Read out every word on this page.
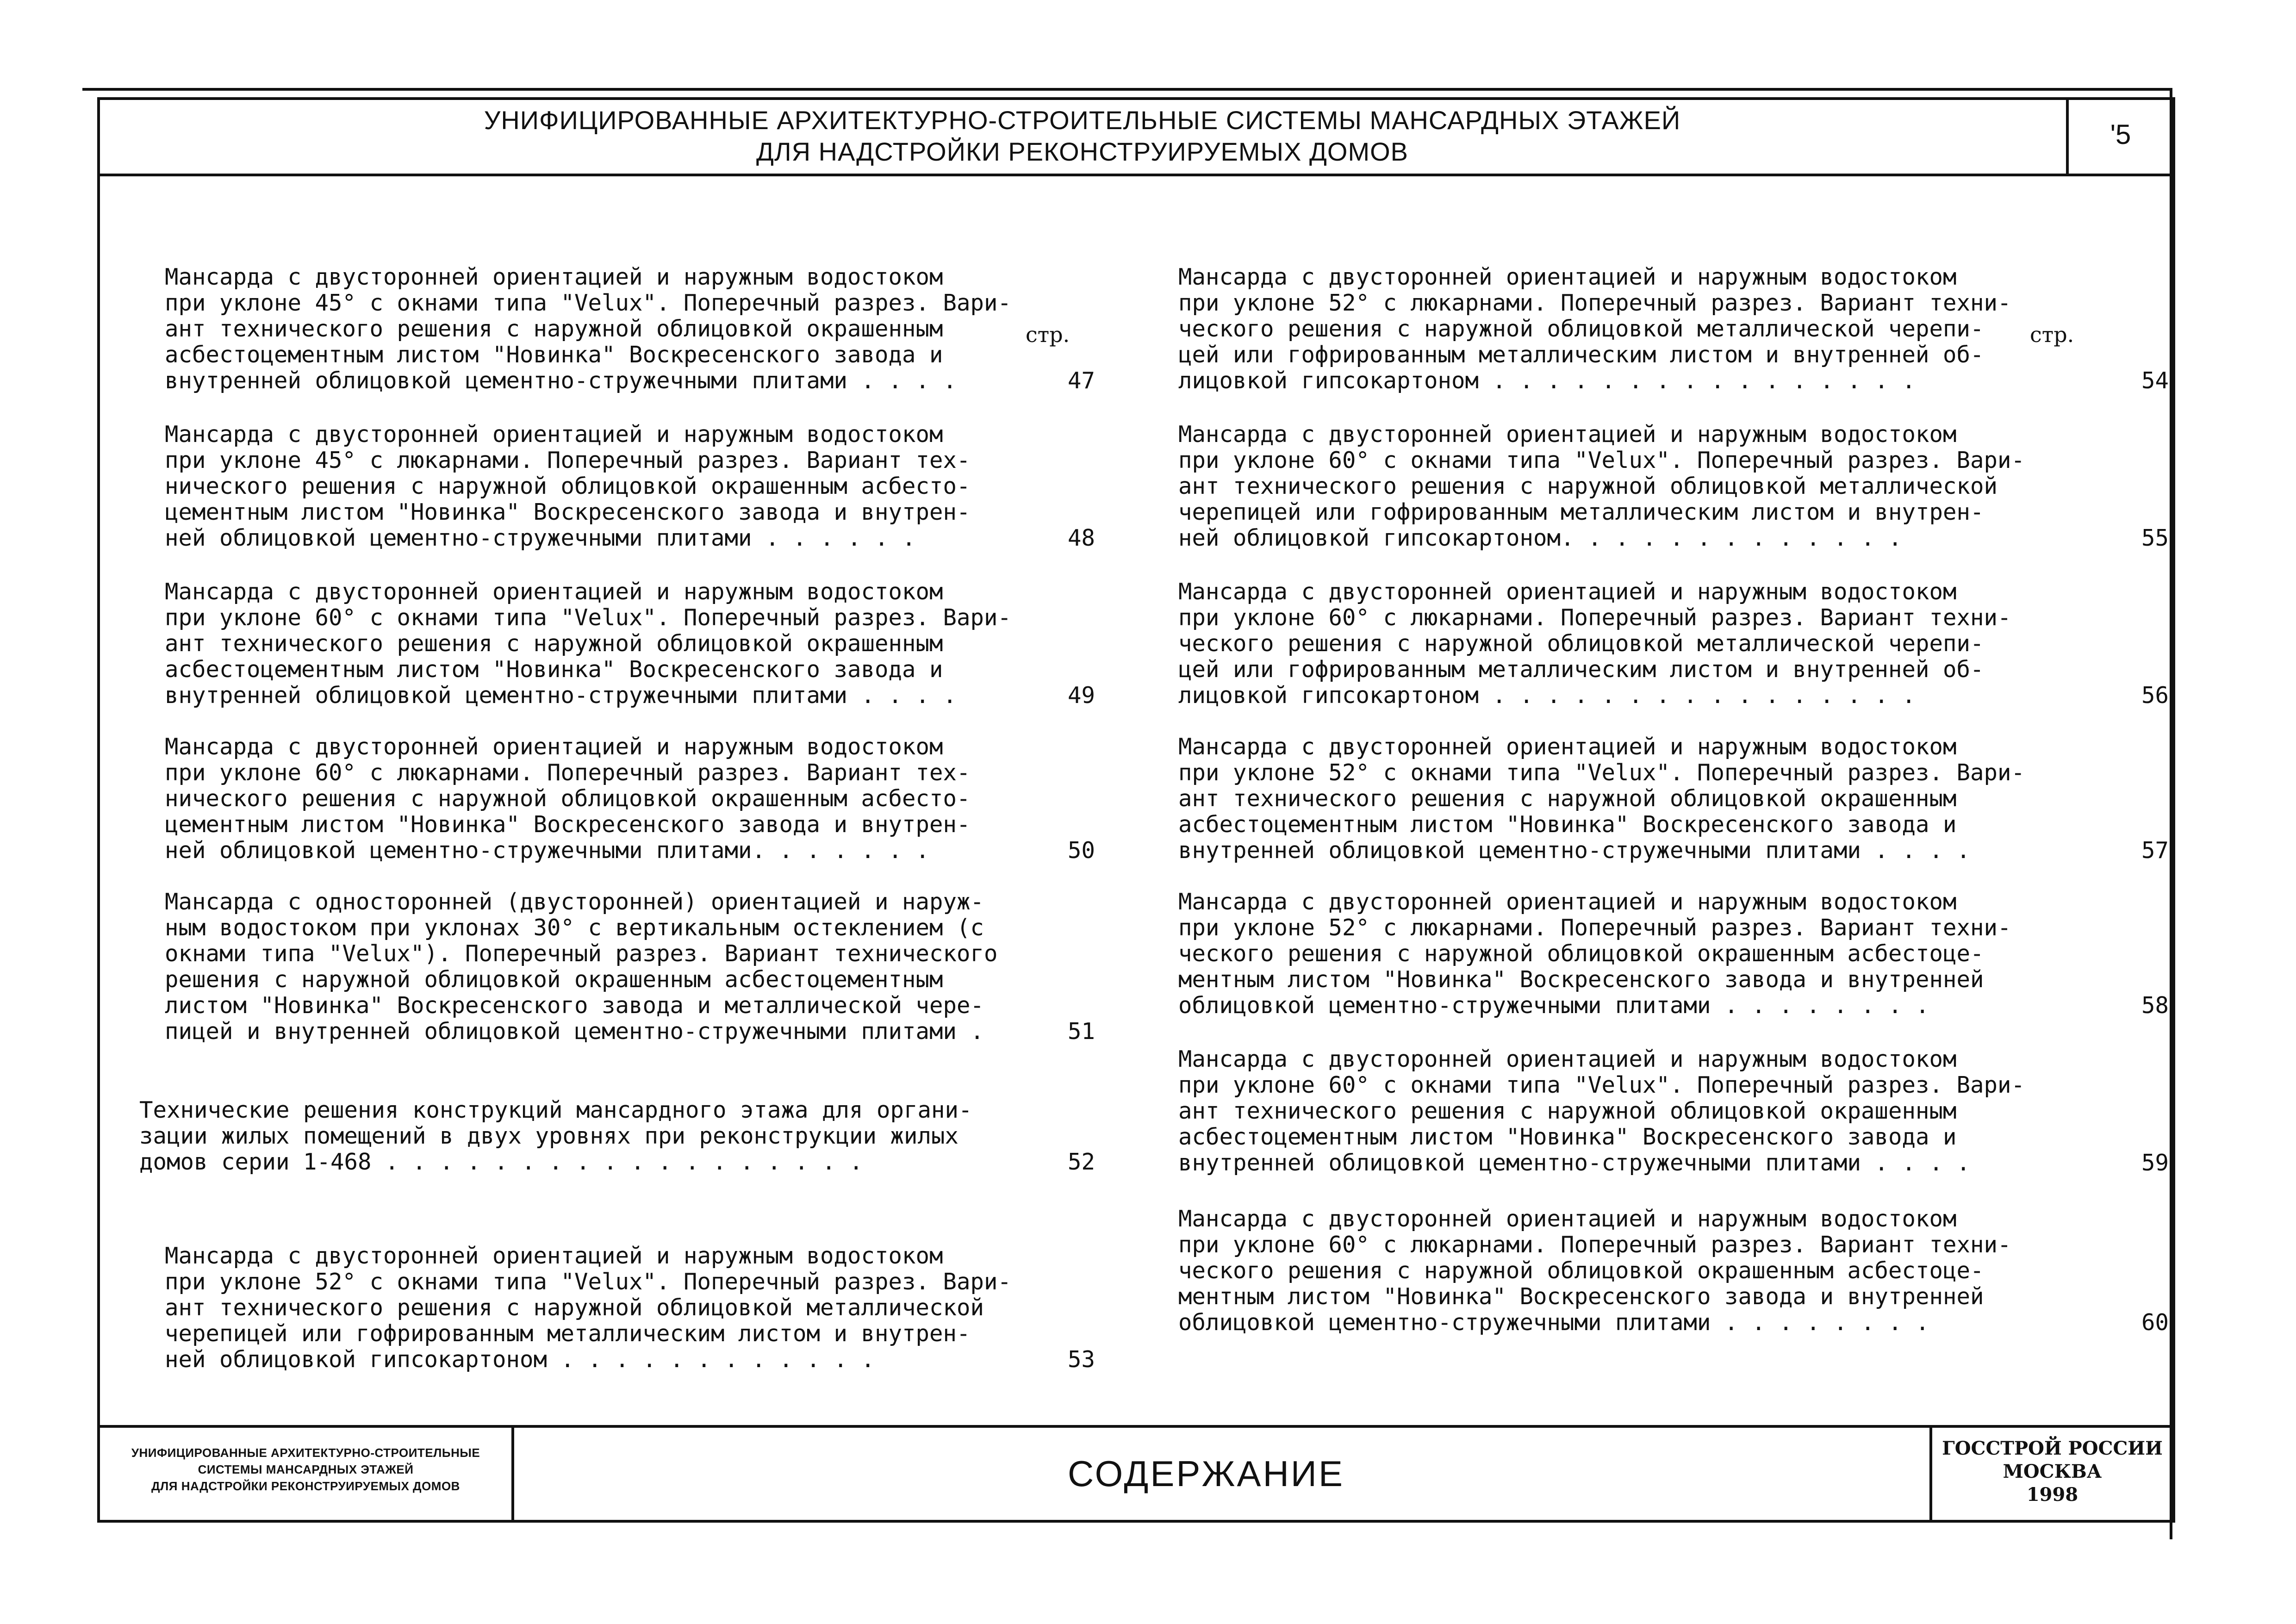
УНИФИЦИРОВАННЫЕ АРХИТЕКТУРНО-СТРОИТЕЛЬНЫЕ СИСТЕМЫ МАНСАРДНЫХ ЭТАЖЕЙ
ДЛЯ НАДСТРОЙКИ РЕКОНСТРУИРУЕМЫХ ДОМОВ
'5
стр.	стр.
Мансарда с двусторонней ориентацией и наружным водостоком
при уклоне 45° с окнами типа "Velux". Поперечный разрез. Вари-
ант технического решения с наружной облицовкой окрашенным
асбестоцементным листом "Новинка" Воскресенского завода и
внутренней облицовкой цементно-стружечными плитами . . . .	47
Мансарда с двусторонней ориентацией и наружным водостоком
при уклоне 45° с люкарнами. Поперечный разрез. Вариант тех-
нического решения с наружной облицовкой окрашенным асбесто-
цементным листом "Новинка" Воскресенского завода и внутрен-
ней облицовкой цементно-стружечными плитами . . . . . .	48
Мансарда с двусторонней ориентацией и наружным водостоком
при уклоне 60° с окнами типа "Velux". Поперечный разрез. Вари-
ант технического решения с наружной облицовкой окрашенным
асбестоцементным листом "Новинка" Воскресенского завода и
внутренней облицовкой цементно-стружечными плитами . . . .	49
Мансарда с двусторонней ориентацией и наружным водостоком
при уклоне 60° с люкарнами. Поперечный разрез. Вариант тех-
нического решения с наружной облицовкой окрашенным асбесто-
цементным листом "Новинка" Воскресенского завода и внутрен-
ней облицовкой цементно-стружечными плитами. . . . . . .	50
Мансарда с односторонней (двусторонней) ориентацией и наруж-
ным водостоком при уклонах 30° с вертикальным остеклением (с
окнами типа "Velux"). Поперечный разрез. Вариант технического
решения с наружной облицовкой окрашенным асбестоцементным
листом "Новинка" Воскресенского завода и металлической чере-
пицей и внутренней облицовкой цементно-стружечными плитами .	51
Технические решения конструкций мансардного этажа для органи-
зации жилых помещений в двух уровнях при реконструкции жилых
домов серии 1-468 . . . . . . . . . . . . . . . . . .	52
Мансарда с двусторонней ориентацией и наружным водостоком
при уклоне 52° с окнами типа "Velux". Поперечный разрез. Вари-
ант технического решения с наружной облицовкой металлической
черепицей или гофрированным металлическим листом и внутрен-
ней облицовкой гипсокартоном . . . . . . . . . . . .	53
Мансарда с двусторонней ориентацией и наружным водостоком
при уклоне 52° с люкарнами. Поперечный разрез. Вариант техни-
ческого решения с наружной облицовкой металлической черепи-
цей или гофрированным металлическим листом и внутренней об-
лицовкой гипсокартоном . . . . . . . . . . . . . . . .	54
Мансарда с двусторонней ориентацией и наружным водостоком
при уклоне 60° с окнами типа "Velux". Поперечный разрез. Вари-
ант технического решения с наружной облицовкой металлической
черепицей или гофрированным металлическим листом и внутрен-
ней облицовкой гипсокартоном. . . . . . . . . . . . .	55
Мансарда с двусторонней ориентацией и наружным водостоком
при уклоне 60° с люкарнами. Поперечный разрез. Вариант техни-
ческого решения с наружной облицовкой металлической черепи-
цей или гофрированным металлическим листом и внутренней об-
лицовкой гипсокартоном . . . . . . . . . . . . . . . .	56
Мансарда с двусторонней ориентацией и наружным водостоком
при уклоне 52° с окнами типа "Velux". Поперечный разрез. Вари-
ант технического решения с наружной облицовкой окрашенным
асбестоцементным листом "Новинка" Воскресенского завода и
внутренней облицовкой цементно-стружечными плитами . . . .	57
Мансарда с двусторонней ориентацией и наружным водостоком
при уклоне 52° с люкарнами. Поперечный разрез. Вариант техни-
ческого решения с наружной облицовкой окрашенным асбестоце-
ментным листом "Новинка" Воскресенского завода и внутренней
облицовкой цементно-стружечными плитами . . . . . . . .	58
Мансарда с двусторонней ориентацией и наружным водостоком
при уклоне 60° с окнами типа "Velux". Поперечный разрез. Вари-
ант технического решения с наружной облицовкой окрашенным
асбестоцементным листом "Новинка" Воскресенского завода и
внутренней облицовкой цементно-стружечными плитами . . . .	59
Мансарда с двусторонней ориентацией и наружным водостоком
при уклоне 60° с люкарнами. Поперечный разрез. Вариант техни-
ческого решения с наружной облицовкой окрашенным асбестоце-
ментным листом "Новинка" Воскресенского завода и внутренней
облицовкой цементно-стружечными плитами . . . . . . . .	60
УНИФИЦИРОВАННЫЕ АРХИТЕКТУРНО-СТРОИТЕЛЬНЫЕ
СИСТЕМЫ МАНСАРДНЫХ ЭТАЖЕЙ
ДЛЯ НАДСТРОЙКИ РЕКОНСТРУИРУЕМЫХ ДОМОВ	СОДЕРЖАНИЕ
ГОССТРОЙ РОССИИ
МОСКВА
1998
